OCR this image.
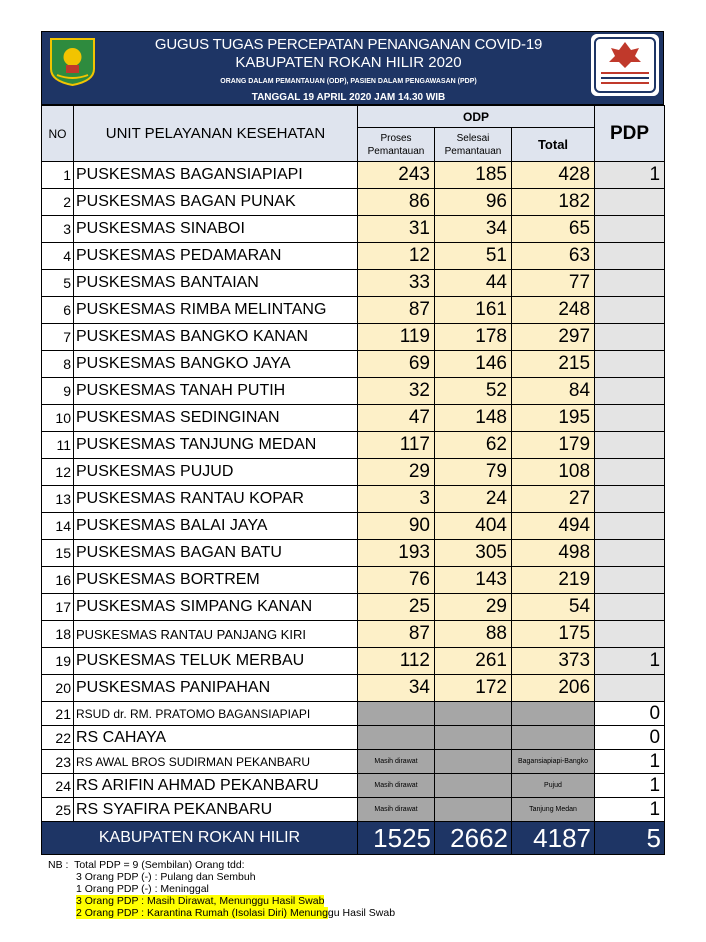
GUGUS TUGAS PERCEPATAN PENANGANAN COVID-19
KABUPATEN ROKAN HILIR 2020
ORANG DALAM PEMANTAUAN (ODP), PASIEN DALAM PENGAWASAN (PDP)
TANGGAL 19 APRIL 2020 JAM 14.30 WIB
NO	UNIT PELAYANAN KESEHATAN	ODP			PDP
		Proses Pemantauan	Selesai Pemantauan	Total	
1	PUSKESMAS BAGANSIAPIAPI	243	185	428	1
2	PUSKESMAS BAGAN PUNAK	86	96	182	
3	PUSKESMAS SINABOI	31	34	65	
4	PUSKESMAS PEDAMARAN	12	51	63	
5	PUSKESMAS BANTAIAN	33	44	77	
6	PUSKESMAS RIMBA MELINTANG	87	161	248	
7	PUSKESMAS BANGKO KANAN	119	178	297	
8	PUSKESMAS BANGKO JAYA	69	146	215	
9	PUSKESMAS TANAH PUTIH	32	52	84	
10	PUSKESMAS SEDINGINAN	47	148	195	
11	PUSKESMAS TANJUNG MEDAN	117	62	179	
12	PUSKESMAS PUJUD	29	79	108	
13	PUSKESMAS RANTAU KOPAR	3	24	27	
14	PUSKESMAS BALAI JAYA	90	404	494	
15	PUSKESMAS BAGAN BATU	193	305	498	
16	PUSKESMAS BORTREM	76	143	219	
17	PUSKESMAS SIMPANG KANAN	25	29	54	
18	PUSKESMAS RANTAU PANJANG KIRI	87	88	175	
19	PUSKESMAS TELUK MERBAU	112	261	373	1
20	PUSKESMAS PANIPAHAN	34	172	206	
21	RSUD dr. RM. PRATOMO BAGANSIAPIAPI				0
22	RS CAHAYA				0
23	RS AWAL BROS SUDIRMAN PEKANBARU	Masih dirawat		Bagansiapiapi-Bangko	1
24	RS ARIFIN AHMAD PEKANBARU	Masih dirawat		Pujud	1
25	RS SYAFIRA PEKANBARU	Masih dirawat		Tanjung Medan	1
KABUPATEN ROKAN HILIR		1525	2662	4187	5
NB : Total PDP = 9 (Sembilan) Orang tdd:
3 Orang PDP (-) : Pulang dan Sembuh
1 Orang PDP (-) : Meninggal
3 Orang PDP : Masih Dirawat, Menunggu Hasil Swab
2 Orang PDP : Karantina Rumah (Isolasi Diri) Menunggu Hasil Swab
